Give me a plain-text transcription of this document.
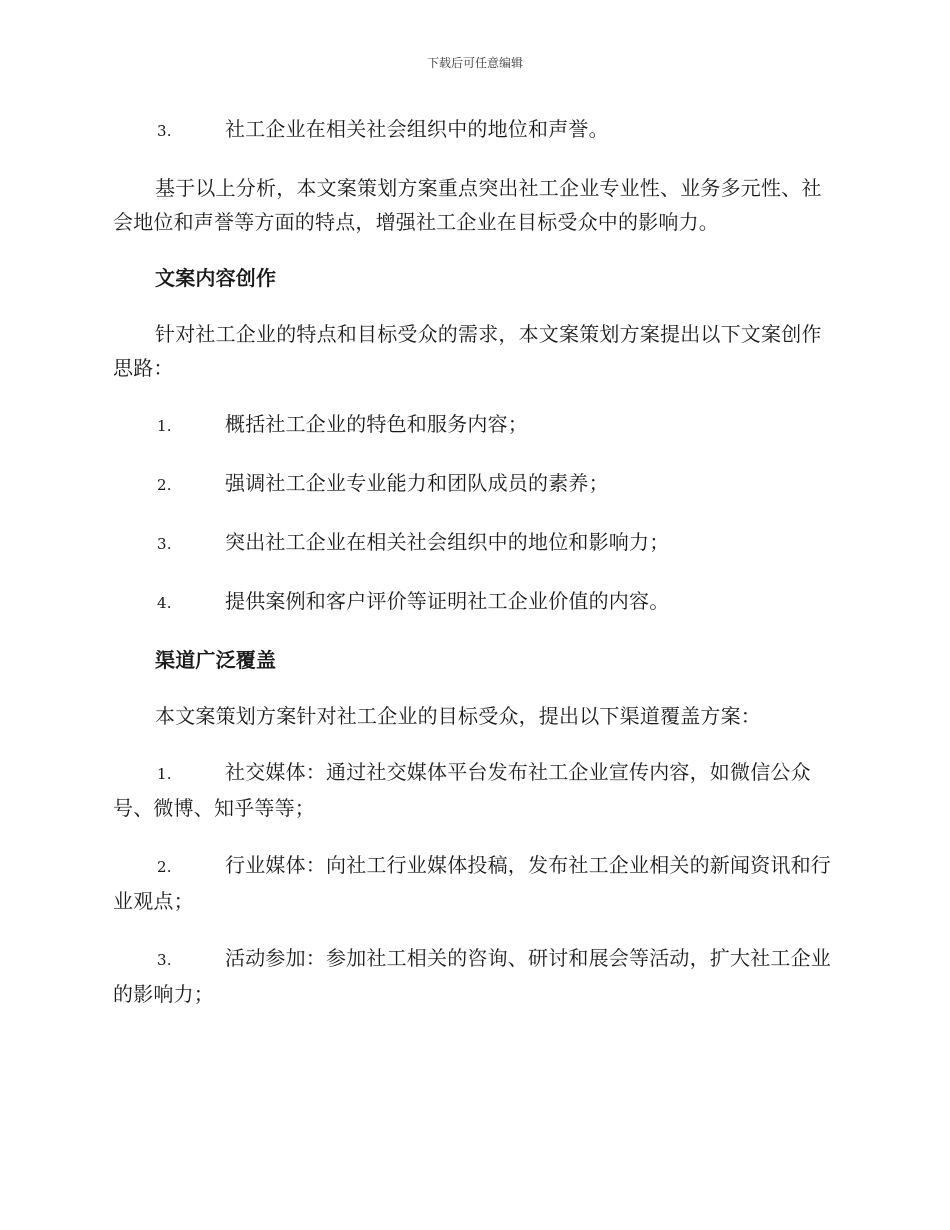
下载后可任意编辑
3.	社工企业在相关社会组织中的地位和声誉。

基于以上分析，本文案策划方案重点突出社工企业专业性、业务多元性、社会地位和声誉等方面的特点，增强社工企业在目标受众中的影响力。

文案内容创作

针对社工企业的特点和目标受众的需求，本文案策划方案提出以下文案创作思路：

1.	概括社工企业的特色和服务内容；
2.	强调社工企业专业能力和团队成员的素养；
3.	突出社工企业在相关社会组织中的地位和影响力；
4.	提供案例和客户评价等证明社工企业价值的内容。

渠道广泛覆盖

本文案策划方案针对社工企业的目标受众，提出以下渠道覆盖方案：

1.	社交媒体：通过社交媒体平台发布社工企业宣传内容，如微信公众号、微博、知乎等等；
2.	行业媒体：向社工行业媒体投稿，发布社工企业相关的新闻资讯和行业观点；
3.	活动参加：参加社工相关的咨询、研讨和展会等活动，扩大社工企业的影响力；
